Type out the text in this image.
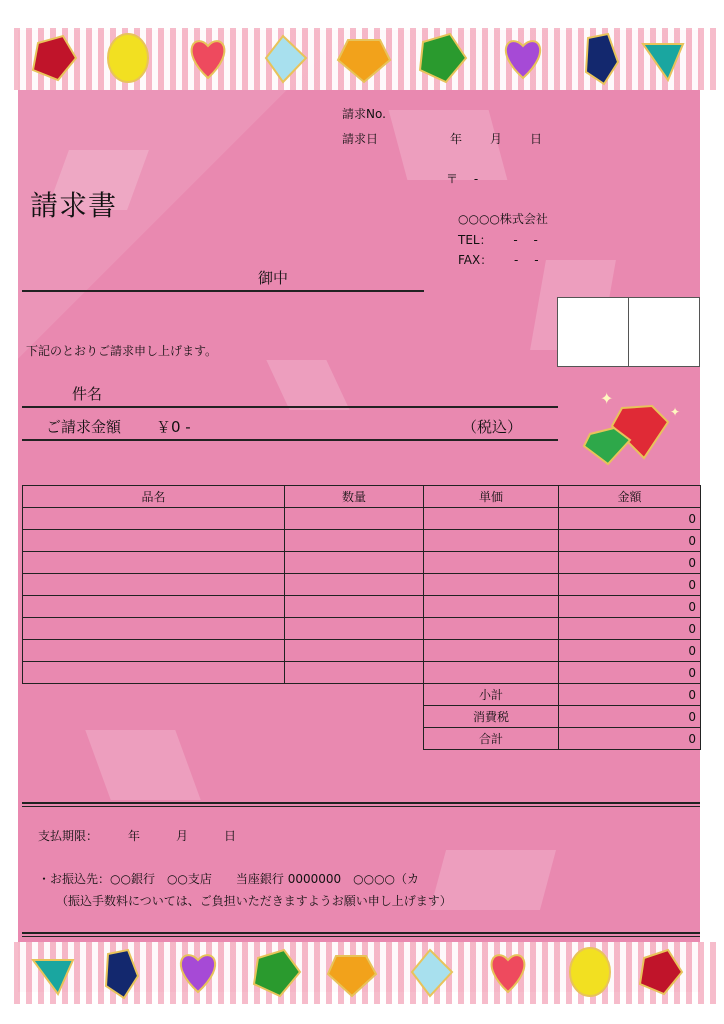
請求No.
請求日	年 月 日
〒　 -
請求書	○○○○株式会社
TEL：　　 -　 -
FAX：　　 -　 -
御中
下記のとおりご請求申し上げます。
件名
ご請求金額 ￥0 -	（税込）
✦
✦
品名	数量	単価	金額
			0
			0
			0
			0
			0
			0
			0
			0
		小計	0
		消費税	0
		合計	0
支払期限：　　　年　　　月　　　日
・お振込先：○○銀行　○○支店　　当座銀行 0000000　○○○○（カ
（振込手数料については、ご負担いただきますようお願い申し上げます）
